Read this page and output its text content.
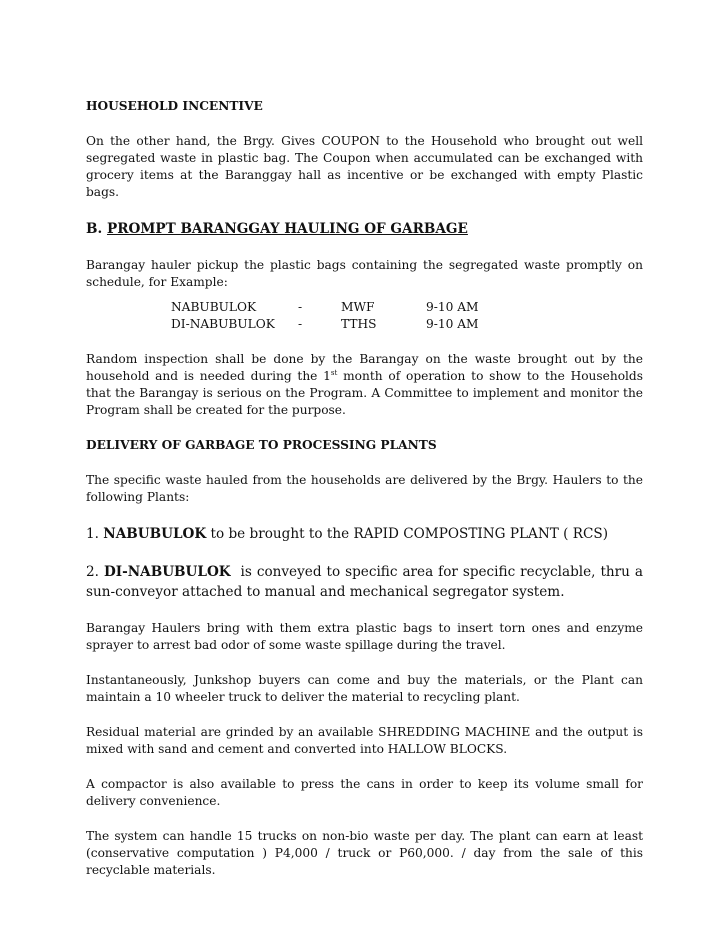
HOUSEHOLD INCENTIVE

On the other hand, the Brgy. Gives COUPON to the Household who brought out well segregated waste in plastic bag. The Coupon when accumulated can be exchanged with grocery items at the Baranggay hall as incentive or be exchanged with empty Plastic bags.

B. PROMPT BARANGGAY HAULING OF GARBAGE

Barangay hauler pickup the plastic bags containing the segregated waste promptly on schedule, for Example:

NABUBULOK	-	MWF	9-10 AM
DI-NABUBULOK	-	TTHS	9-10 AM

Random inspection shall be done by the Barangay on the waste brought out by the household and is needed during the 1st month of operation to show to the Households that the Barangay is serious on the Program. A Committee to implement and monitor the Program shall be created for the purpose.

DELIVERY OF GARBAGE TO PROCESSING PLANTS

The specific waste hauled from the households are delivered by the Brgy. Haulers to the following Plants:

1. NABUBULOK to be brought to the RAPID COMPOSTING PLANT ( RCS)

2. DI-NABUBULOK  is conveyed to specific area for specific recyclable, thru a sun-conveyor attached to manual and mechanical segregator system.

Barangay Haulers bring with them extra plastic bags to insert torn ones and enzyme sprayer to arrest bad odor of some waste spillage during the travel.

Instantaneously, Junkshop buyers can come and buy the materials, or the Plant can maintain a 10 wheeler truck to deliver the material to recycling plant.

Residual material are grinded by an available SHREDDING MACHINE and the output is mixed with sand and cement and converted into HALLOW BLOCKS.

A compactor is also available to press the cans in order to keep its volume small for delivery convenience.

The system can handle 15 trucks on non-bio waste per day. The plant can earn at least (conservative computation ) P4,000 / truck or P60,000. / day from the sale of this recyclable materials.
